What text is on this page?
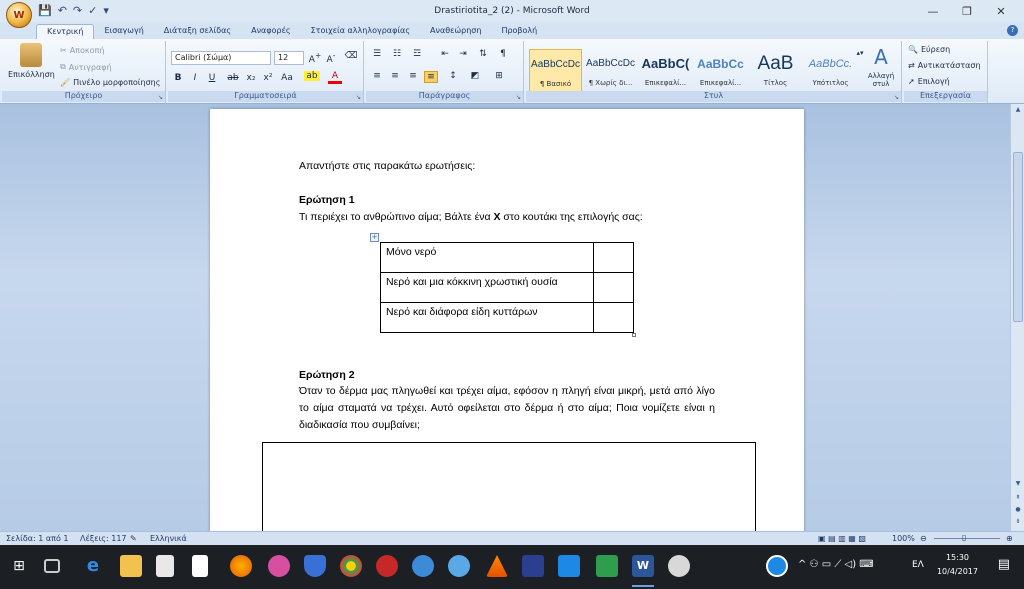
W	💾 ↶ ↷ ✓ ▾	Drastiriotita_2 (2) - Microsoft Word	—	❐	✕
Κεντρική	Εισαγωγή	Διάταξη σελίδας	Αναφορές	Στοιχεία αλληλογραφίας	Αναθεώρηση	Προβολή	?
Επικόλληση
✂ Αποκοπή
⧉ Αντιγραφή
🖌 Πινέλο μορφοποίησης
Πρόχειρο	↘
Calibri (Σώμα)	12	A+ A- ⌫
B	I	U	ab x₂ x² Aa ab	A
Γραμματοσειρά	↘
☰	☷	☲	⇤	⇥	⇅	¶
≡	≡	≡	≡	↕	◩	⊞
Παράγραφος	↘
AaBbCcDc
¶ Βασικό
AaBbCcDc
¶ Χωρίς δι...
AaBbC(
Επικεφαλί...
AaBbCc
Επικεφαλί...
AaB
Τίτλος
AaBbCc.
Υπότιτλος
▴▾ A
Αλλαγή στυλ
Στυλ	↘
🔍 Εύρεση
⇄ Αντικατάσταση
➚ Επιλογή
Επεξεργασία
Απαντήστε στις παρακάτω ερωτήσεις:
Ερώτηση 1
Τι περιέχει το ανθρώπινο αίμα; Βάλτε ένα X στο κουτάκι της επιλογής σας:
+
Μόνο νερό	
Νερό και μια κόκκινη χρωστική ουσία	
Νερό και διάφορα είδη κυττάρων	
Ερώτηση 2
Όταν το δέρμα μας πληγωθεί και τρέχει αίμα, εφόσον η πληγή είναι μικρή, μετά από λίγο το αίμα σταματά να τρέχει. Αυτό οφείλεται στο δέρμα ή στο αίμα; Ποια νομίζετε είναι η διαδικασία που συμβαίνει;
▲
▼
⇞
●
⇟
Σελίδα: 1 από 1 Λέξεις: 117 ✎ Ελληνικά	▣ ▤ ▥ ▦ ▧	100% ⊖	▯	⊕
⊞	e	W	^ ⚇ ▭ ⟋ ◁) ⌨	ΕΛ
15:30
10/4/2017 ▤
